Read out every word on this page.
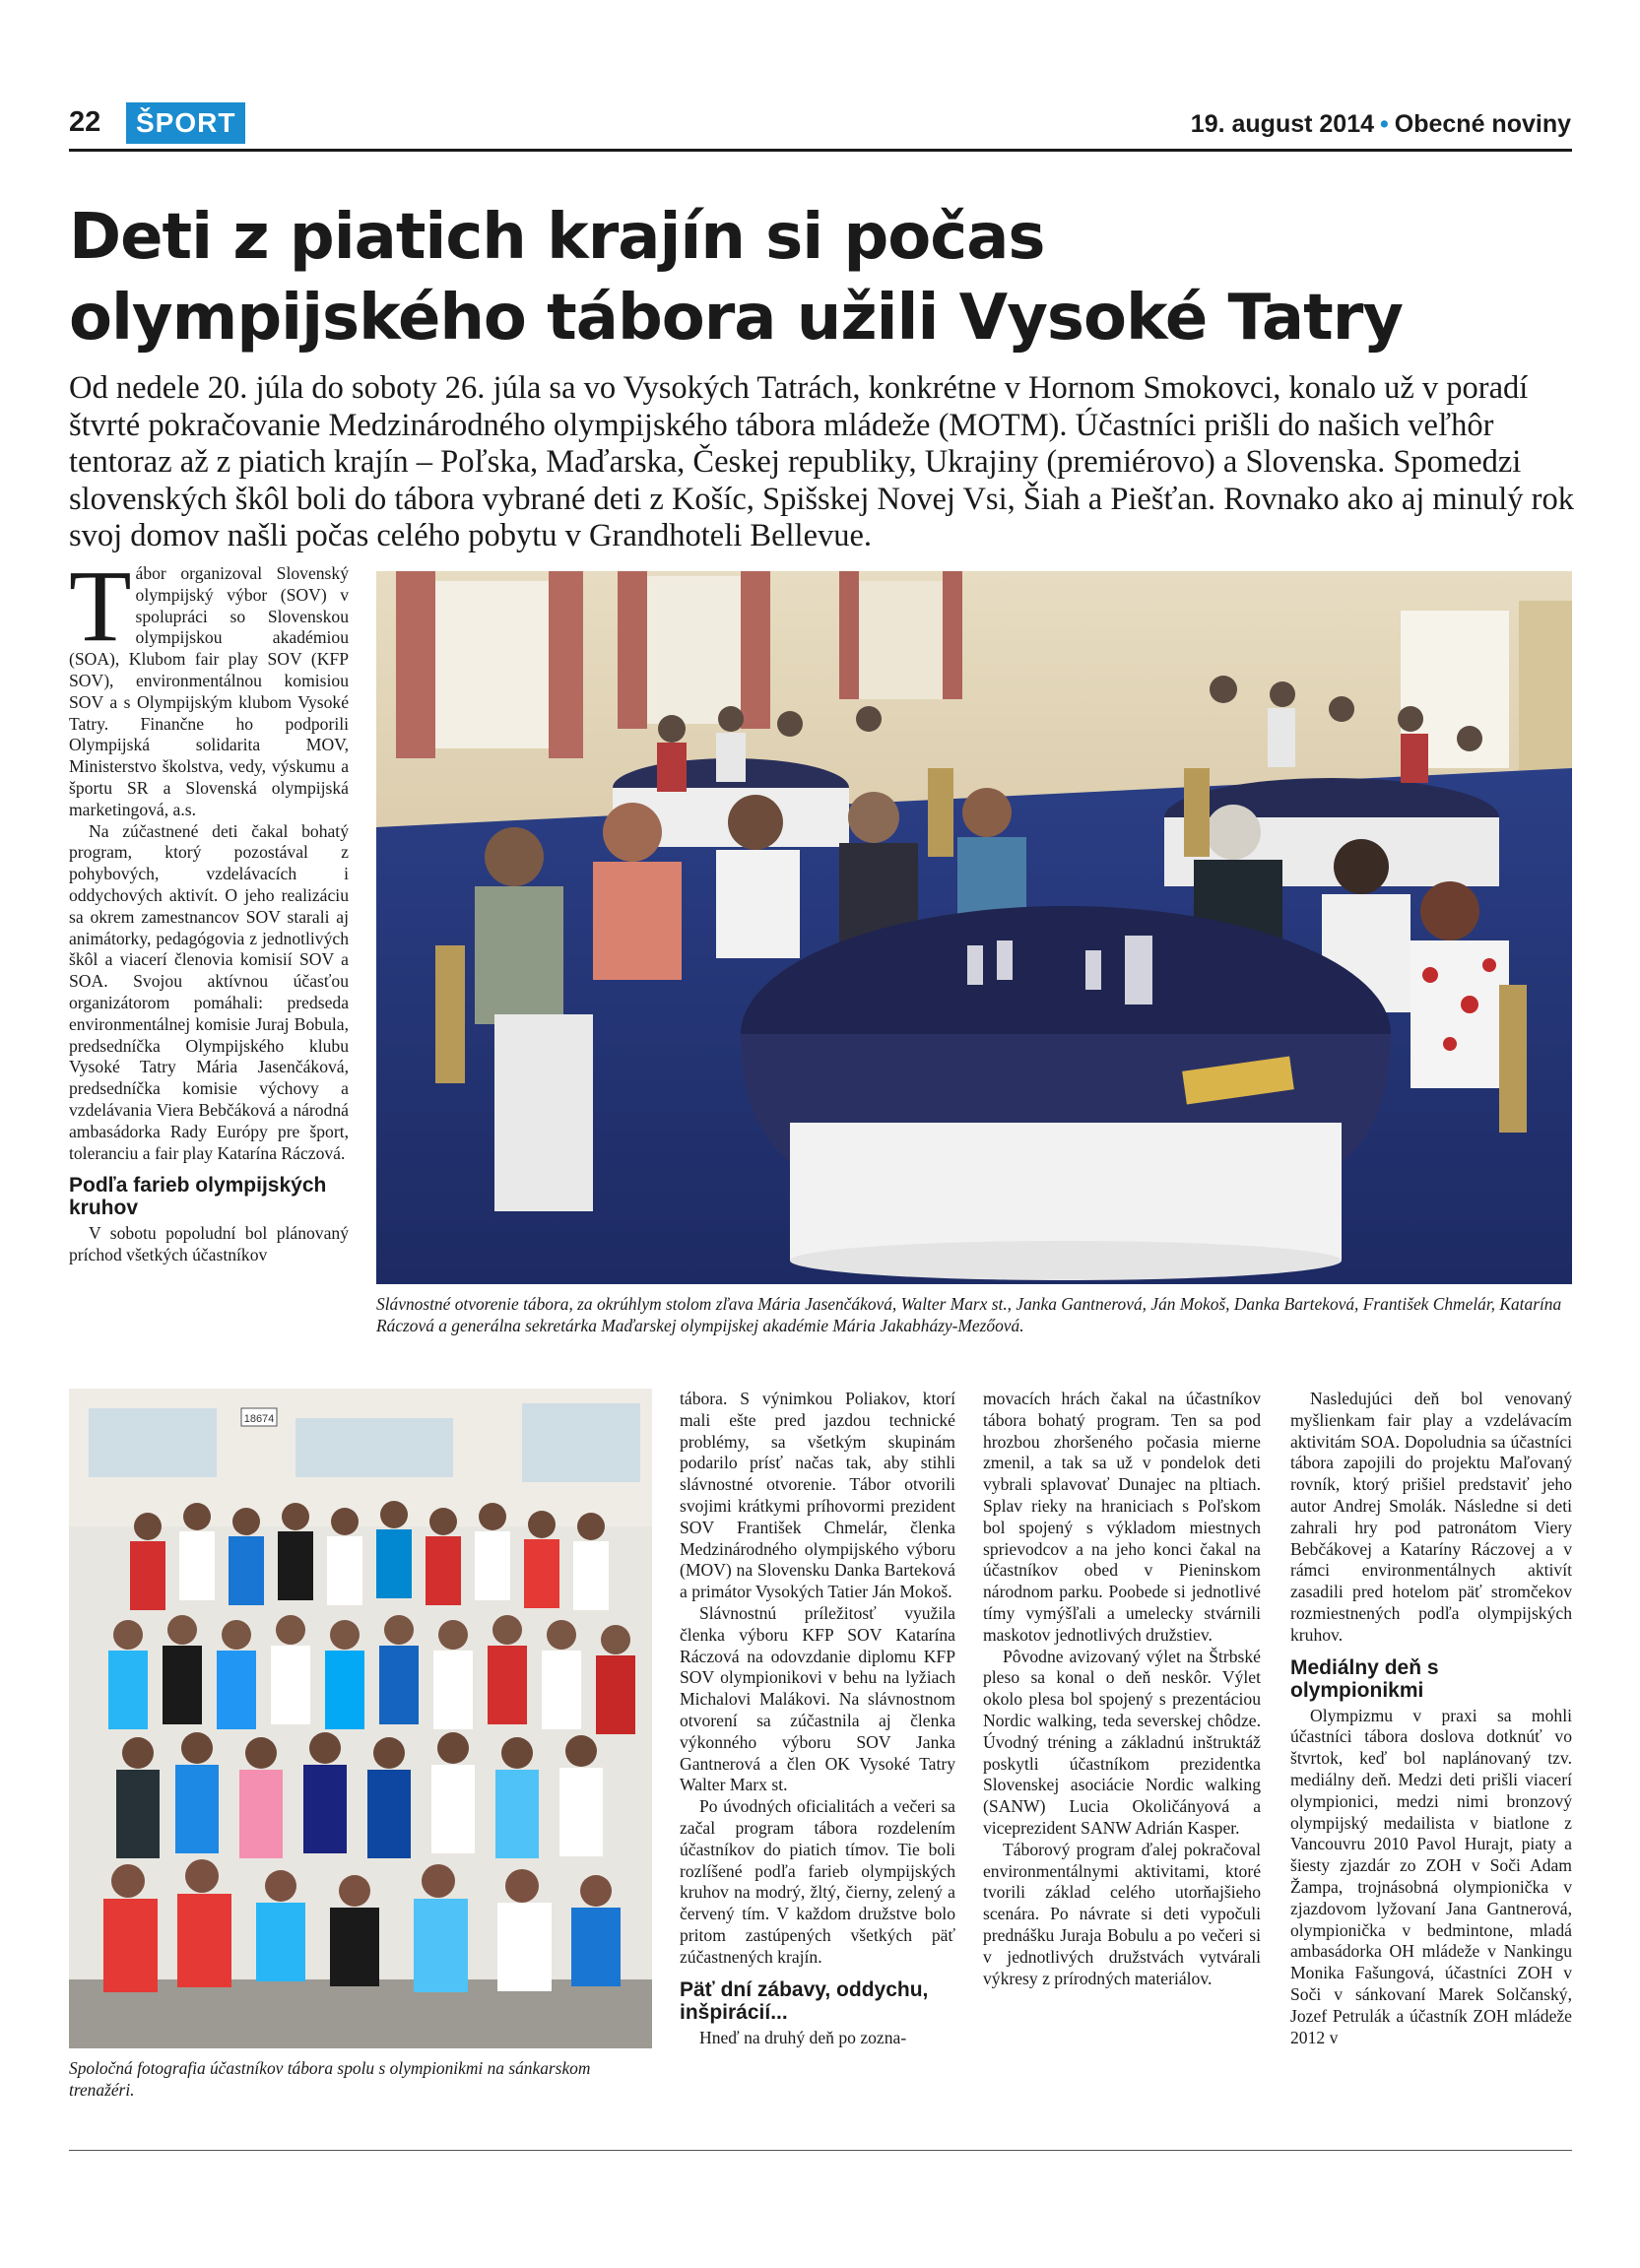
22	ŠPORT	19. august 2014 • Obecné noviny
Deti z piatich krajín si počas
olympijského tábora užili Vysoké Tatry
Od nedele 20. júla do soboty 26. júla sa vo Vysokých Tatrách, konkrétne v Hornom Smokovci, konalo už v poradí štvrté pokračovanie Medzinárodného olympijského tábora mládeže (MOTM). Účastníci prišli do našich veľhôr tentoraz až z piatich krajín – Poľska, Maďarska, Českej republiky, Ukrajiny (premiérovo) a Slovenska. Spomedzi slovenských škôl boli do tábora vybrané deti z Košíc, Spišskej Novej Vsi, Šiah a Piešťan. Rovnako ako aj minulý rok svoj domov našli počas celého pobytu v Grandhoteli Bellevue.

Tábor organizoval Slovenský olympijský výbor (SOV) v spolupráci so Slovenskou olympijskou akadémiou (SOA), Klubom fair play SOV (KFP SOV), environmentálnou komisiou SOV a s Olympijským klubom Vysoké Tatry. Finančne ho podporili Olympijská solidarita MOV, Ministerstvo školstva, vedy, výskumu a športu SR a Slovenská olympijská marketingová, a.s.

Na zúčastnené deti čakal bohatý program, ktorý pozostával z pohybových, vzdelávacích i oddychových aktivít. O jeho realizáciu sa okrem zamestnancov SOV starali aj animátorky, pedagógovia z jednotlivých škôl a viacerí členovia komisií SOV a SOA. Svojou aktívnou účasťou organizátorom pomáhali: predseda environmentálnej komisie Juraj Bobula, predsedníčka Olympijského klubu Vysoké Tatry Mária Jasenčáková, predsedníčka komisie výchovy a vzdelávania Viera Bebčáková a národná ambasádorka Rady Európy pre šport, toleranciu a fair play Katarína Ráczová.

Podľa farieb olympijských kruhov

V sobotu popoludní bol plánovaný príchod všetkých účastníkov

Slávnostné otvorenie tábora, za okrúhlym stolom zľava Mária Jasenčáková, Walter Marx st., Janka Gantnerová, Ján Mokoš, Danka Barteková, František Chmelár, Katarína Ráczová a generálna sekretárka Maďarskej olympijskej akadémie Mária Jakabházy-Mezőová.
18674
Spoločná fotografia účastníkov tábora spolu s olympionikmi na sánkarskom trenažéri.

tábora. S výnimkou Poliakov, ktorí mali ešte pred jazdou technické problémy, sa všetkým skupinám podarilo prísť načas tak, aby stihli slávnostné otvorenie. Tábor otvorili svojimi krátkymi príhovormi prezident SOV František Chmelár, členka Medzinárodného olympijského výboru (MOV) na Slovensku Danka Barteková a primátor Vysokých Tatier Ján Mokoš.

Slávnostnú príležitosť využila členka výboru KFP SOV Katarína Ráczová na odovzdanie diplomu KFP SOV olympionikovi v behu na lyžiach Michalovi Malákovi. Na slávnostnom otvorení sa zúčastnila aj členka výkonného výboru SOV Janka Gantnerová a člen OK Vysoké Tatry Walter Marx st.

Po úvodných oficialitách a večeri sa začal program tábora rozdelením účastníkov do piatich tímov. Tie boli rozlíšené podľa farieb olympijských kruhov na modrý, žltý, čierny, zelený a červený tím. V každom družstve bolo pritom zastúpených všetkých päť zúčastnených krajín.

Päť dní zábavy, oddychu, inšpirácií...

Hneď na druhý deň po zozna-

movacích hrách čakal na účastníkov tábora bohatý program. Ten sa pod hrozbou zhoršeného počasia mierne zmenil, a tak sa už v pondelok deti vybrali splavovať Dunajec na pltiach. Splav rieky na hraniciach s Poľskom bol spojený s výkladom miestnych sprievodcov a na jeho konci čakal na účastníkov obed v Pieninskom národnom parku. Poobede si jednotlivé tímy vymýšľali a umelecky stvárnili maskotov jednotlivých družstiev.

Pôvodne avizovaný výlet na Štrbské pleso sa konal o deň neskôr. Výlet okolo plesa bol spojený s prezentáciou Nordic walking, teda severskej chôdze. Úvodný tréning a základnú inštruktáž poskytli účastníkom prezidentka Slovenskej asociácie Nordic walking (SANW) Lucia Okoličányová a viceprezident SANW Adrián Kasper.

Táborový program ďalej pokračoval environmentálnymi aktivitami, ktoré tvorili základ celého utorňajšieho scenára. Po návrate si deti vypočuli prednášku Juraja Bobulu a po večeri si v jednotlivých družstvách vytvárali výkresy z prírodných materiálov.

Nasledujúci deň bol venovaný myšlienkam fair play a vzdelávacím aktivitám SOA. Dopoludnia sa účastníci tábora zapojili do projektu Maľovaný rovník, ktorý prišiel predstaviť jeho autor Andrej Smolák. Následne si deti zahrali hry pod patronátom Viery Bebčákovej a Kataríny Ráczovej a v rámci environmentálnych aktivít zasadili pred hotelom päť stromčekov rozmiestnených podľa olympijských kruhov.

Mediálny deň s olympionikmi

Olympizmu v praxi sa mohli účastníci tábora doslova dotknúť vo štvrtok, keď bol naplánovaný tzv. mediálny deň. Medzi deti prišli viacerí olympionici, medzi nimi bronzový olympijský medailista v biatlone z Vancouvru 2010 Pavol Hurajt, piaty a šiesty zjazdár zo ZOH v Soči Adam Žampa, trojnásobná olympionička v zjazdovom lyžovaní Jana Gantnerová, olympionička v bedmintone, mladá ambasádorka OH mládeže v Nankingu Monika Fašungová, účastníci ZOH v Soči v sánkovaní Marek Solčanský, Jozef Petrulák a účastník ZOH mládeže 2012 v
